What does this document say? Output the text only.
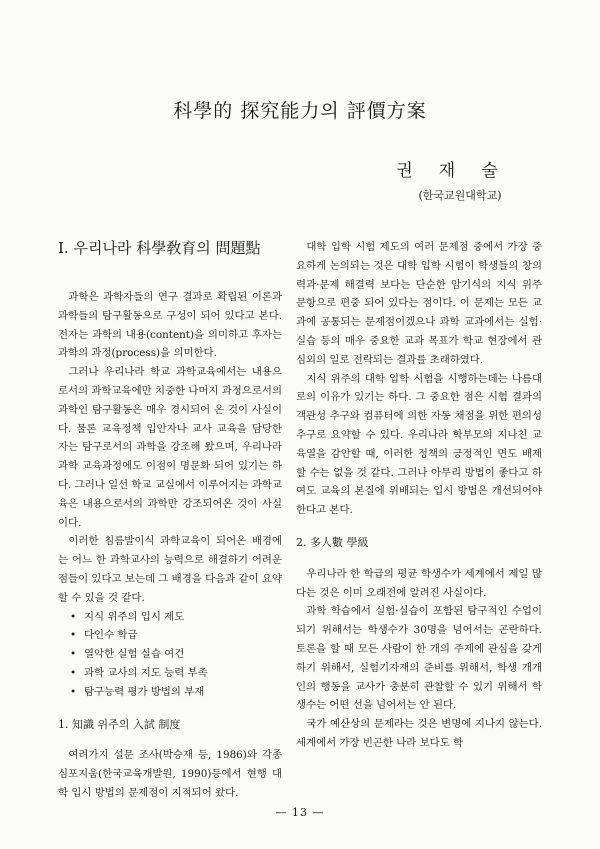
科學的 探究能力의 評價方案
권재술
(한국교원대학교)
Ⅰ. 우리나라 科學敎育의 問題點

과학은 과학자들의 연구 결과로 확립된 이론과 과학들의 탐구활동으로 구성이 되어 있다고 본다. 전자는 과학의 내용(content)을 의미하고 후자는 과학의 과정(process)을 의미한다.

그러나 우리나라 학교 과학교육에서는 내용으로서의 과학교육에만 치중한 나머지 과정으로서의 과학인 탐구활동은 매우 경시되어 온 것이 사실이다. 물론 교육정책 입안자나 교사 교육을 담당한 자는 탐구로서의 과학을 강조해 왔으며, 우리나라 과학 교육과정에도 이점이 명문화 되어 있기는 하다. 그러나 일선 학교 교실에서 이루어지는 과학교육은 내용으로서의 과학만 강조되어온 것이 사실이다.

이러한 침름발이식 과학교육이 되어온 배경에는 어느 한 과학교사의 능력으로 해결하기 어려운 점들이 있다고 보는데 그 배경을 다음과 같이 요약할 수 있을 것 같다.

• 지식 위주의 입시 제도
• 다인수 학급
• 열악한 실험 실습 여건
• 과학 교사의 지도 능력 부족
• 탐구능력 평가 방법의 부재
1. 知識 위주의 入試 制度

여려가지 설문 조사(박승재 등, 1986)와 각종 심포지움(한국교육개발원, 1990)등에서 현행 대학 입시 방법의 문제점이 지적되어 왔다.

대학 입학 시험 제도의 여러 문제점 중에서 가장 중요하게 논의되는 것은 대학 입학 시험이 학생들의 창의력과·문제 해결력 보다는 단순한 암기식의 지식 위주 문항으로 편중 되어 있다는 점이다. 이 문제는 모든 교과에 공통되는 문제점이겠으나 과학 교과에서는 실험·실습 등의 매우 중요한 교과 목표가 학교 현장에서 관심외의 일로 전락되는 결과를 초래하였다.

지식 위주의 대학 입학 시험을 시행하는데는 나름대로의 이유가 있기는 하다. 그 중요한 점은 시험 결과의 객관성 추구와 컴퓨터에 의한 자동 채점을 위한 편의성 추구로 요약할 수 있다. 우리나라 학부모의 지나친 교육열을 감안할 때, 이러한 정책의 긍정적인 면도 배제할 수는 없을 것 같다. 그러나 아무리 방법이 좋다고 하여도 교육의 본질에 위배되는 입시 방법은 개선되어야 한다고 본다.

2. 多人數 學級

우리나라 한 학급의 평균 학생수가 세계에서 제일 많다는 것은 이미 오래전에 알려진 사실이다.

과학 학습에서 실험·실습이 포함된 탐구적인 수업이 되기 위해서는 학생수가 30명을 넘어서는 곤란하다. 토론을 할 때 모든 사람이 한 개의 주제에 관심을 갖게 하기 위해서, 실험기자재의 준비를 위해서, 학생 개개인의 행동을 교사가 충분히 관찰할 수 있기 위해서 학생수는 어떤 선을 넘어서는 안 된다.

국가 예산상의 문제라는 것은 변명에 지나지 않는다. 세계에서 가장 빈곤한 나라 보다도 학

— 13 —
